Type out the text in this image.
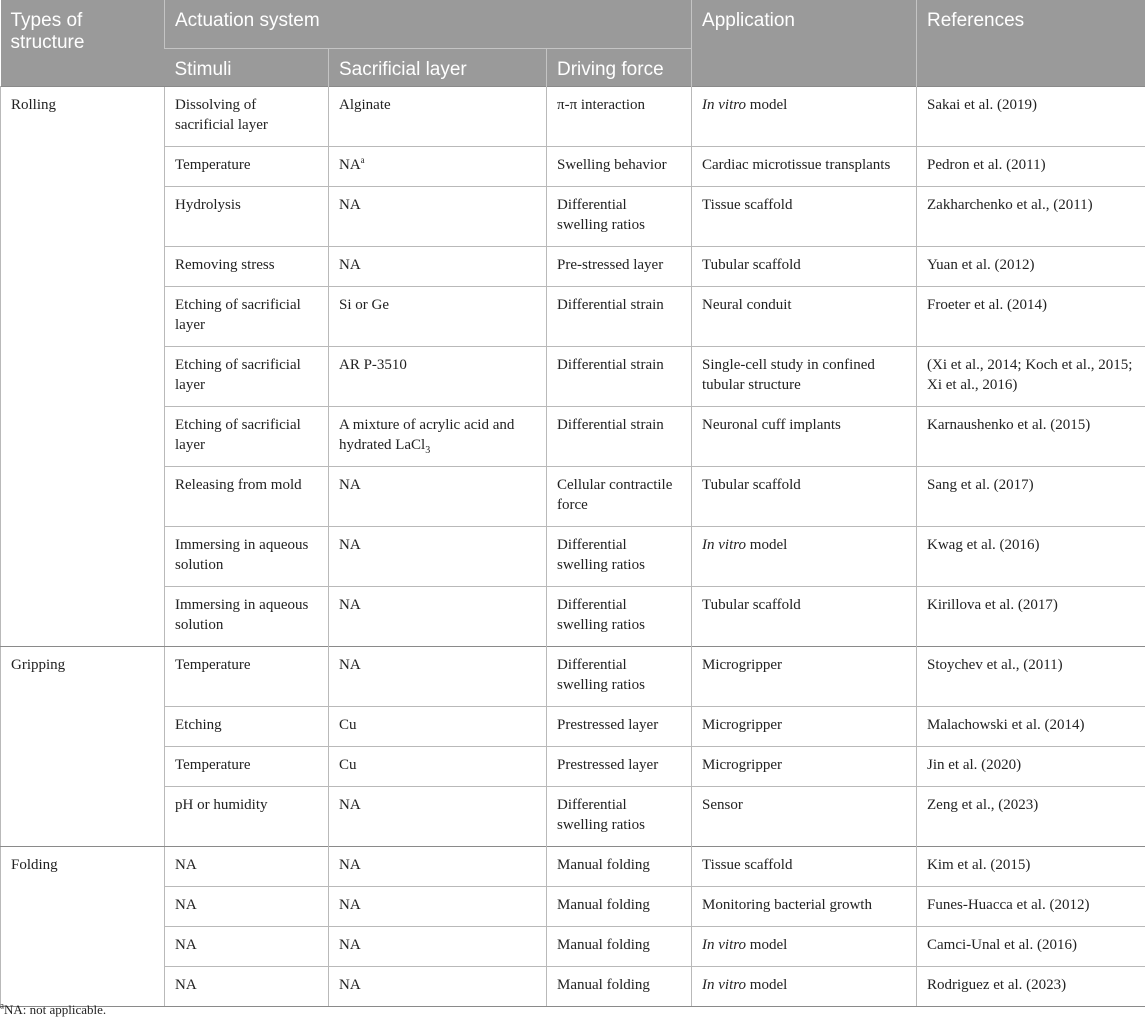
Types of structure	Actuation system			Application	References
	Stimuli	Sacrificial layer	Driving force		
Rolling	Dissolving of sacrificial layer	Alginate	π-π interaction	In vitro model	Sakai et al. (2019)
	Temperature	$NA^a$	Swelling behavior	Cardiac microtissue transplants	Pedron et al. (2011)
	Hydrolysis	NA	Differential swelling ratios	Tissue scaffold	Zakharchenko et al., (2011)
	Removing stress	NA	Pre-stressed layer	Tubular scaffold	Yuan et al. (2012)
	Etching of sacrificial layer	Si or Ge	Differential strain	Neural conduit	Froeter et al. (2014)
	Etching of sacrificial layer	AR P-3510	Differential strain	Single-cell study in confined tubular structure	(Xi et al., 2014; Koch et al., 2015; Xi et al., 2016)
	Etching of sacrificial layer	A mixture of acrylic acid and hydrated LaCl$_3$	Differential strain	Neuronal cuff implants	Karnaushenko et al. (2015)
	Releasing from mold	NA	Cellular contractile force	Tubular scaffold	Sang et al. (2017)
	Immersing in aqueous solution	NA	Differential swelling ratios	In vitro model	Kwag et al. (2016)
	Immersing in aqueous solution	NA	Differential swelling ratios	Tubular scaffold	Kirillova et al. (2017)
Gripping	Temperature	NA	Differential swelling ratios	Microgripper	Stoychev et al., (2011)
	Etching	Cu	Prestressed layer	Microgripper	Malachowski et al. (2014)
	Temperature	Cu	Prestressed layer	Microgripper	Jin et al. (2020)
	pH or humidity	NA	Differential swelling ratios	Sensor	Zeng et al., (2023)
Folding	NA	NA	Manual folding	Tissue scaffold	Kim et al. (2015)
	NA	NA	Manual folding	Monitoring bacterial growth	Funes-Huacca et al. (2012)
	NA	NA	Manual folding	In vitro model	Camci-Unal et al. (2016)
	NA	NA	Manual folding	In vitro model	Rodriguez et al. (2023)
$^a$NA: not applicable.
